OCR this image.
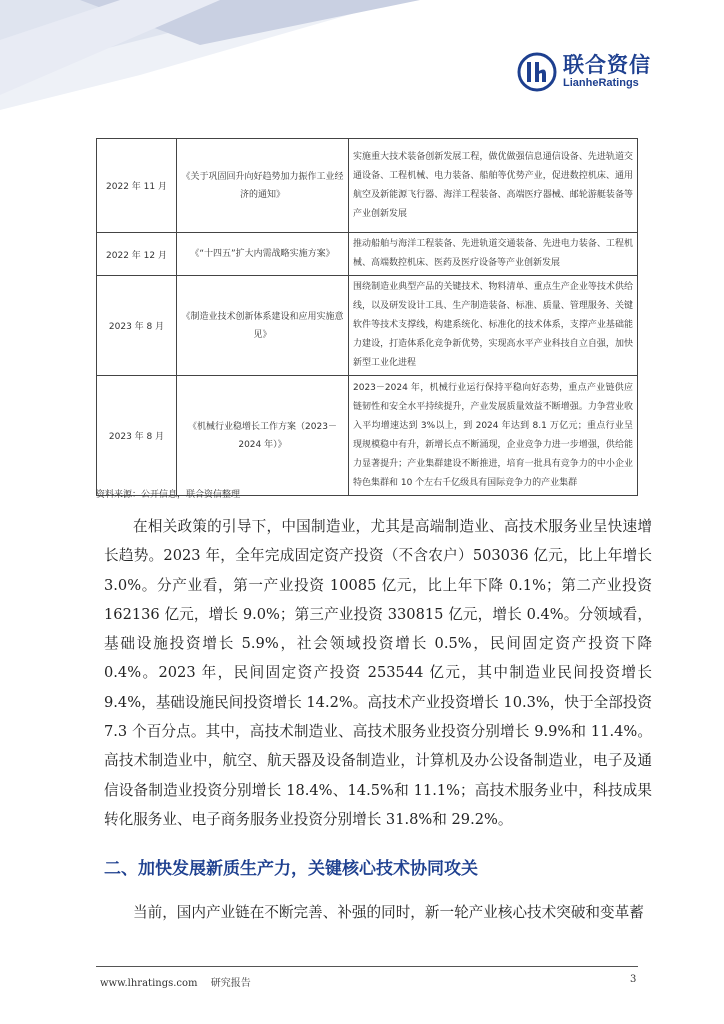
联合资信
LianheRatings
2022 年 11 月	《关于巩固回升向好趋势加力振作工业经济的通知》	实施重大技术装备创新发展工程，做优做强信息通信设备、先进轨道交通设备、工程机械、电力装备、船舶等优势产业，促进数控机床、通用航空及新能源飞行器、海洋工程装备、高端医疗器械、邮轮游艇装备等产业创新发展
2022 年 12 月	《“十四五”扩大内需战略实施方案》	推动船舶与海洋工程装备、先进轨道交通装备、先进电力装备、工程机械、高端数控机床、医药及医疗设备等产业创新发展
2023 年 8 月	《制造业技术创新体系建设和应用实施意见》	围绕制造业典型产品的关键技术、物料清单、重点生产企业等技术供给线，以及研发设计工具、生产制造装备、标准、质量、管理服务、关键软件等技术支撑线，构建系统化、标准化的技术体系，支撑产业基础能力建设，打造体系化竞争新优势，实现高水平产业科技自立自强，加快新型工业化进程
2023 年 8 月	《机械行业稳增长工作方案（2023－2024 年）》	2023－2024 年，机械行业运行保持平稳向好态势，重点产业链供应链韧性和安全水平持续提升，产业发展质量效益不断增强。力争营业收入平均增速达到 3%以上，到 2024 年达到 8.1 万亿元；重点行业呈现规模稳中有升，新增长点不断涌现，企业竞争力进一步增强，供给能力显著提升；产业集群建设不断推进，培育一批具有竞争力的中小企业特色集群和 10 个左右千亿级具有国际竞争力的产业集群
资料来源：公开信息，联合资信整理

在相关政策的引导下，中国制造业，尤其是高端制造业、高技术服务业呈快速增长趋势。2023 年，全年完成固定资产投资（不含农户）503036 亿元，比上年增长 3.0%。分产业看，第一产业投资 10085 亿元，比上年下降 0.1%；第二产业投资 162136 亿元，增长 9.0%；第三产业投资 330815 亿元，增长 0.4%。分领域看，基础设施投资增长 5.9%，社会领域投资增长 0.5%，民间固定资产投资下降 0.4%。2023 年，民间固定资产投资 253544 亿元，其中制造业民间投资增长 9.4%，基础设施民间投资增长 14.2%。高技术产业投资增长 10.3%，快于全部投资 7.3 个百分点。其中，高技术制造业、高技术服务业投资分别增长 9.9%和 11.4%。高技术制造业中，航空、航天器及设备制造业，计算机及办公设备制造业，电子及通信设备制造业投资分别增长 18.4%、14.5%和 11.1%；高技术服务业中，科技成果转化服务业、电子商务服务业投资分别增长 31.8%和 29.2%。

二、加快发展新质生产力，关键核心技术协同攻关

当前，国内产业链在不断完善、补强的同时，新一轮产业核心技术突破和变革蓄

www.lhratings.com 研究报告	3
